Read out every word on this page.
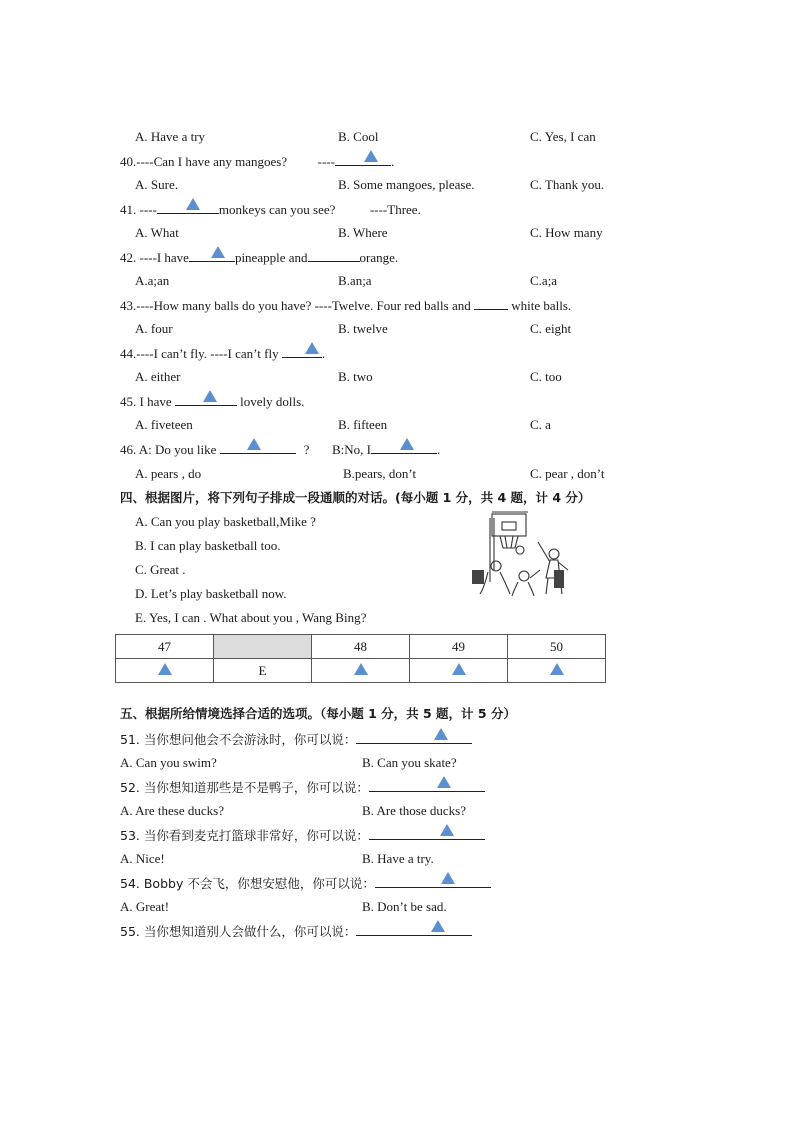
A. Have a try	B. Cool	C. Yes, I can
40.----Can I have any mangoes? ----	.
A. Sure.	B. Some mangoes, please.	C. Thank you.
41. ----	monkeys can you see?	----Three.
A. What	B. Where	C. How many
42. ----I have	pineapple and	orange.
A.a;an	B.an;a	C.a;a
43.----How many balls do you have? ----Twelve. Four red balls and	white balls.
A. four	B. twelve	C. eight
44.----I can’t fly. ----I can’t fly	.
A. either	B. two	C. too
45. I have	lovely dolls.
A. fiveteen	B. fifteen	C. a
46. A: Do you like	? B:No, I	.
A. pears , do	B.pears, don’t	C. pear , don’t
四、根据图片，将下列句子排成一段通顺的对话。(每小题 1 分，共 4 题，计 4 分）
A. Can you play basketball,Mike ?
B. I can play basketball too.
C. Great .
D. Let’s play basketball now.
E. Yes, I can . What about you , Wang Bing?
47		48	49	50
	E			
五、根据所给情境选择合适的选项。（每小题 1 分，共 5 题，计 5 分）
51. 当你想问他会不会游泳时，你可以说：
A. Can you swim?	B. Can you skate?
52. 当你想知道那些是不是鸭子，你可以说：
A. Are these ducks?	B. Are those ducks?
53. 当你看到麦克打篮球非常好，你可以说：
A. Nice!	B. Have a try.
54. Bobby 不会飞，你想安慰他，你可以说：
A. Great!	B. Don’t be sad.
55. 当你想知道别人会做什么，你可以说：
